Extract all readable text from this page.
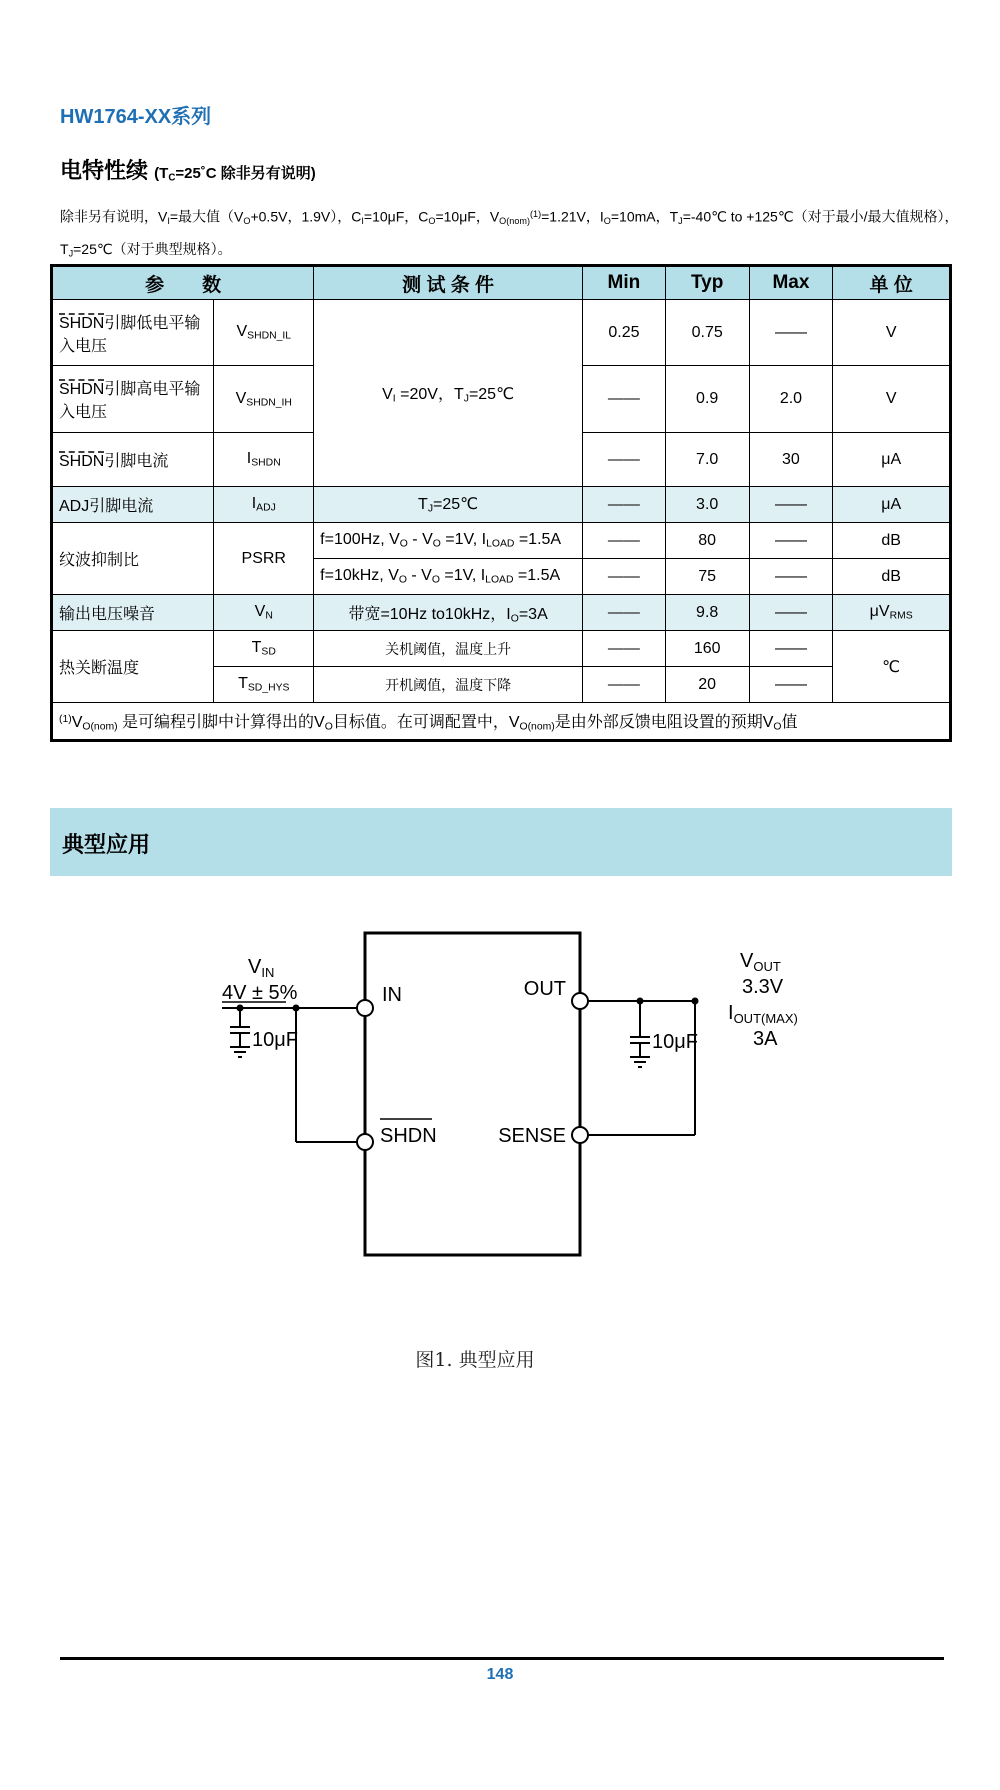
HW1764-XX系列
电特性续 ($T_C=25˚C$ 除非另有说明)
除非另有说明，$V_I=$最大值（$V_O+0.5V$，1.9V），$C_I=10\mu F$，$C_O=10\mu F$，$V_{O(nom)}^{(1)}=1.21V$，$I_O=10mA$，$T_J=-40℃$ to +125℃（对于最小/最大值规格），
$T_J=25℃$（对于典型规格）。
参　　数		测 试 条 件	Min	Typ	Max	单 位
SHDN引脚低电平输入电压	$V_{SHDN\_IL}$	$V_I =20V$，$T_J=25℃$	0.25	0.75	——	V
SHDN引脚高电平输入电压	$V_{SHDN\_IH}$		——	0.9	2.0	V
SHDN引脚电流	$I_{SHDN}$		——	7.0	30	μA
ADJ引脚电流	$I_{ADJ}$	$T_J=25℃$	——	3.0	——	μA
纹波抑制比	PSRR	f=100Hz, $V_O - V_O =1V$, $I_{LOAD} =1.5A$	——	80	——	dB
		f=10kHz, $V_O - V_O =1V$, $I_{LOAD} =1.5A$	——	75	——	dB
输出电压噪音	$V_N$	带宽=10Hz to10kHz，$I_O=3A$	——	9.8	——	$\mu V_{RMS}$
热关断温度	$T_{SD}$	关机阈值，温度上升	——	160	——	℃
	$T_{SD\_HYS}$	开机阈值，温度下降	——	20	——	
$^{(1)}V_{O(nom)}$ 是可编程引脚中计算得出的$V_O$目标值。在可调配置中，$V_{O(nom)}$是由外部反馈电阻设置的预期$V_O$值						
典型应用
IN
SHDN
OUT
SENSE
$V_{IN}$
4V ± 5%
10μF	10μF
$V_{OUT}$
3.3V
$I_{OUT(MAX)}$
3A
图1. 典型应用
148
